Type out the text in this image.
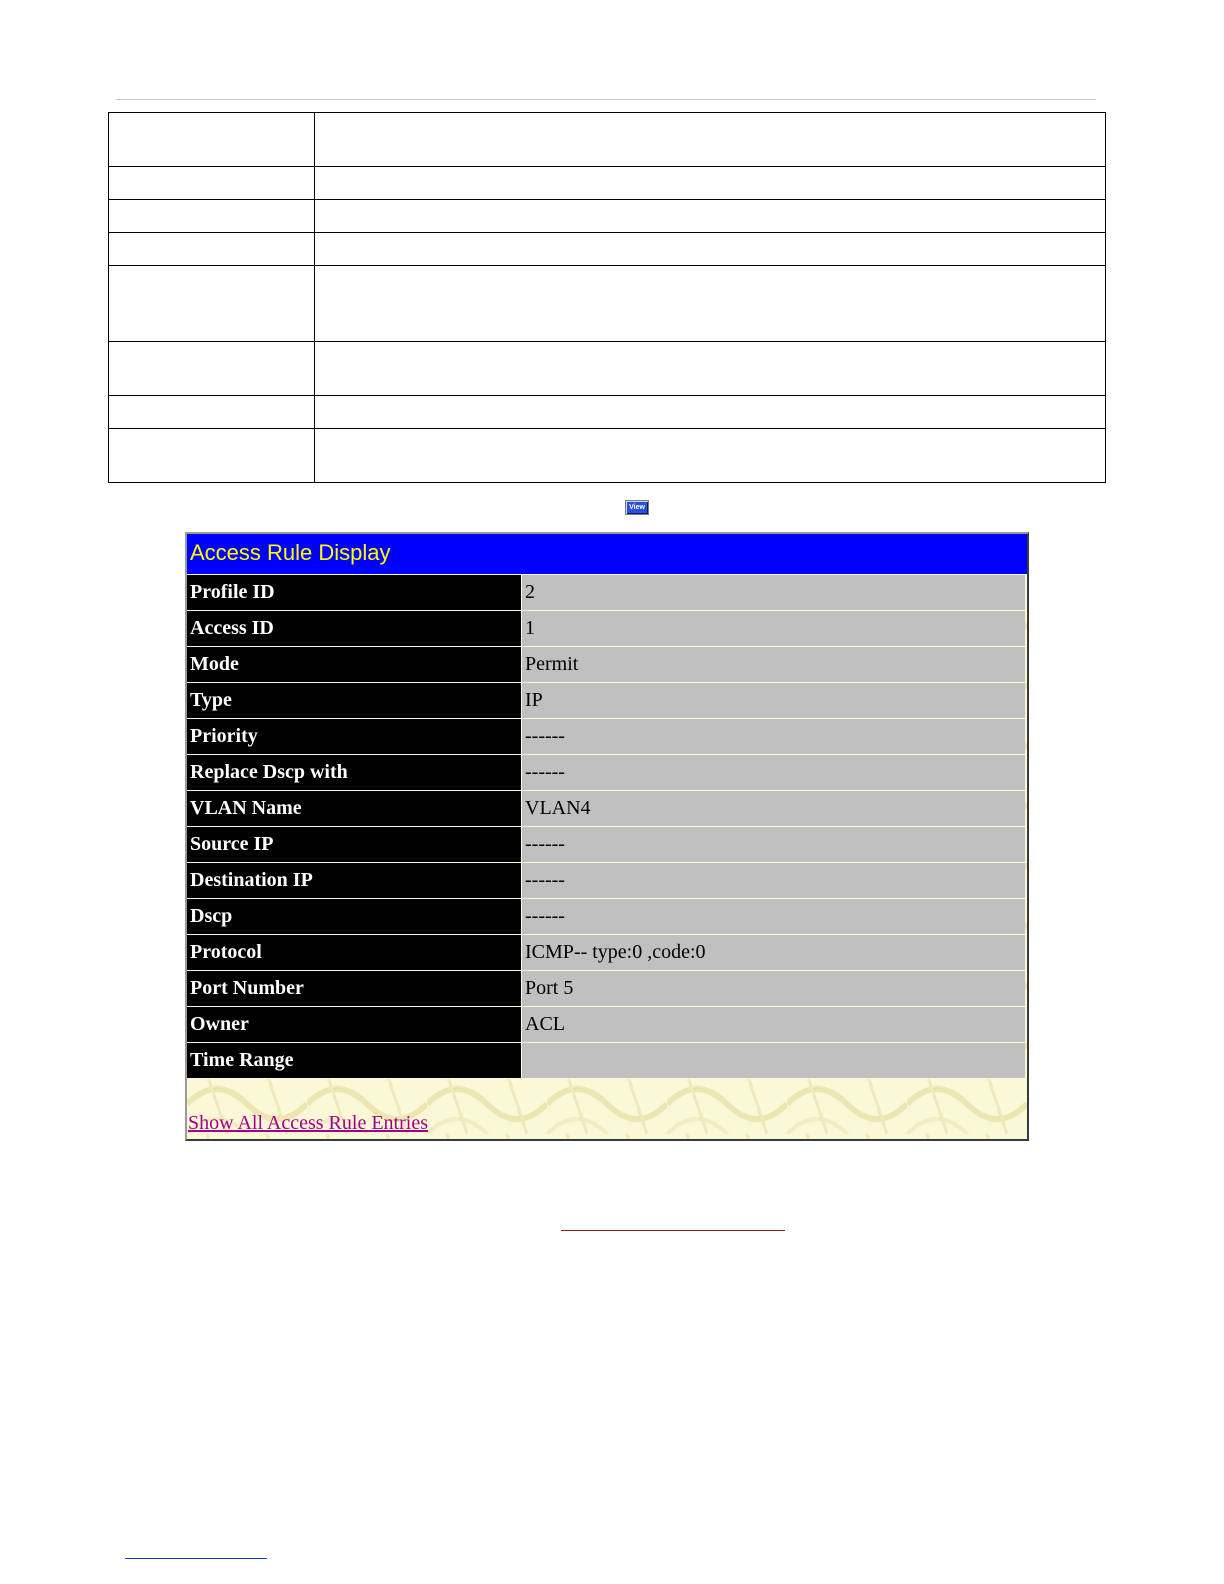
View
Access Rule Display
Profile ID	2
Access ID	1
Mode	Permit
Type	IP
Priority	------
Replace Dscp with	------
VLAN Name	VLAN4
Source IP	------
Destination IP	------
Dscp	------
Protocol	ICMP-- type:0 ,code:0
Port Number	Port 5
Owner	ACL
Time Range	
Show All Access Rule Entries
